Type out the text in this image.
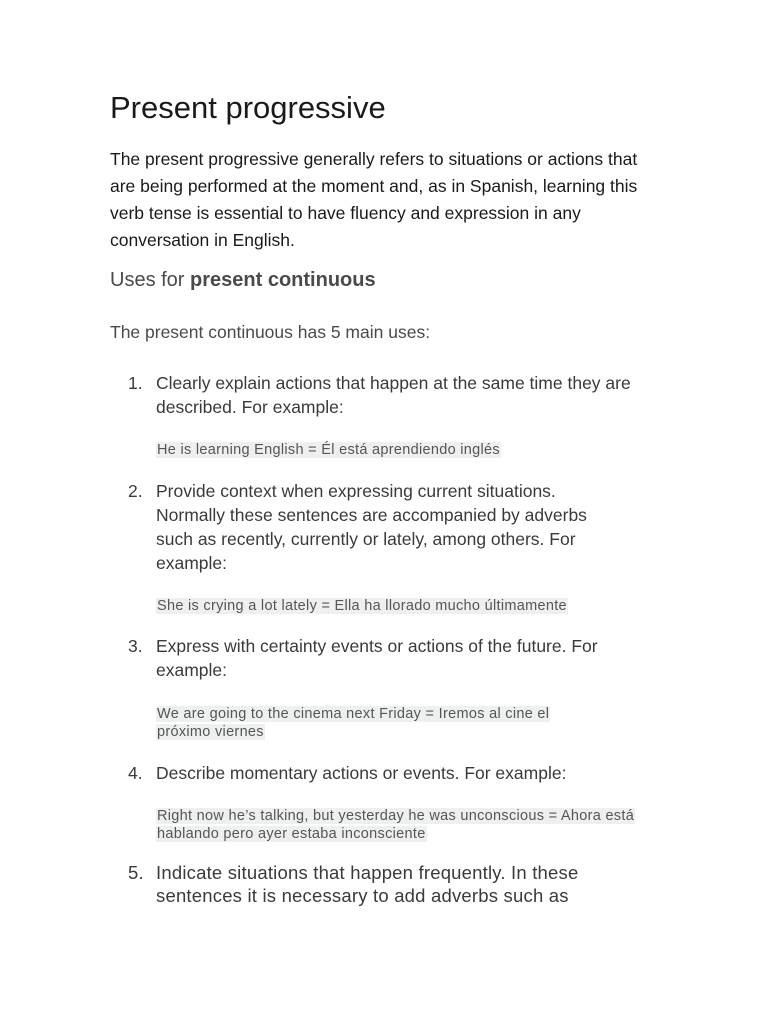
Present progressive

The present progressive generally refers to situations or actions that are being performed at the moment and, as in Spanish, learning this verb tense is essential to have fluency and expression in any conversation in English.

Uses for present continuous

The present continuous has 5 main uses:

1. Clearly explain actions that happen at the same time they are described. For example:

He is learning English = Él está aprendiendo inglés

2. Provide context when expressing current situations. Normally these sentences are accompanied by adverbs such as recently, currently or lately, among others. For example:

She is crying a lot lately = Ella ha llorado mucho últimamente

3. Express with certainty events or actions of the future. For example:

We are going to the cinema next Friday = Iremos al cine el próximo viernes

4. Describe momentary actions or events. For example:

Right now he’s talking, but yesterday he was unconscious = Ahora está hablando pero ayer estaba inconsciente

5. Indicate situations that happen frequently. In these sentences it is necessary to add adverbs such as
